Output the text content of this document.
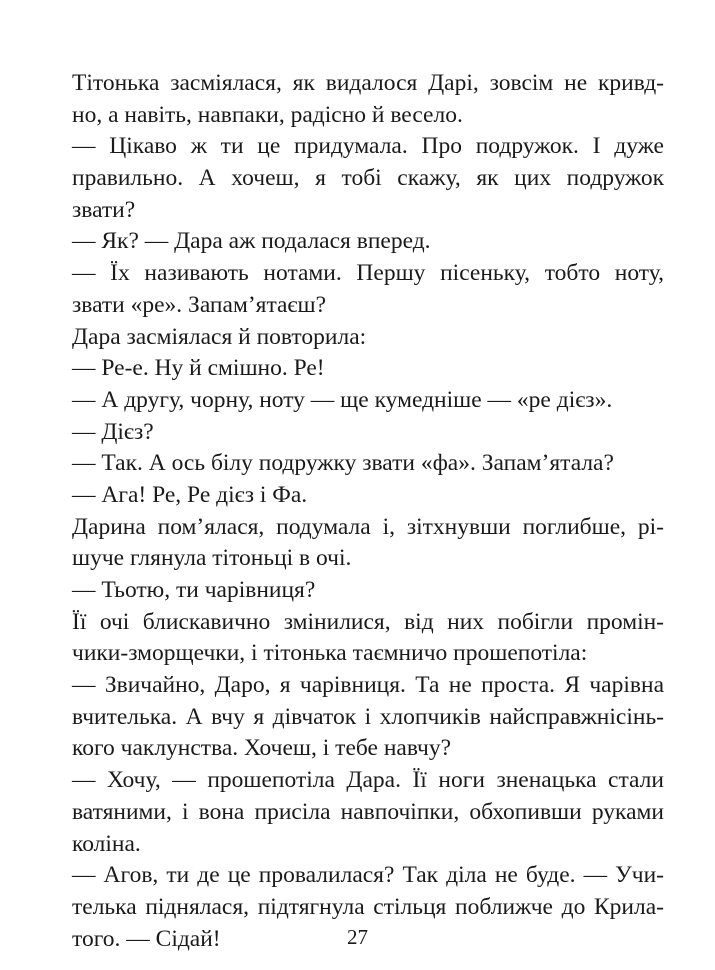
Тітонька засміялася, як видалося Дарі, зовсім не кривд-
но, а навіть, навпаки, радісно й весело.
— Цікаво ж ти це придумала. Про подружок. І дуже
правильно. А хочеш, я тобі скажу, як цих подружок
звати?
— Як? — Дара аж подалася вперед.
— Їх називають нотами. Першу пісеньку, тобто ноту,
звати «ре». Запам’ятаєш?
Дара засміялася й повторила:
— Ре-е. Ну й смішно. Ре!
— А другу, чорну, ноту — ще кумедніше — «ре дієз».
— Дієз?
— Так. А ось білу подружку звати «фа». Запам’ятала?
— Ага! Ре, Ре дієз і Фа.
Дарина пом’ялася, подумала і, зітхнувши поглибше, рі-
шуче глянула тітоньці в очі.
— Тьотю, ти чарівниця?
Її очі блискавично змінилися, від них побігли промін-
чики-зморщечки, і тітонька таємничо прошепотіла:
— Звичайно, Даро, я чарівниця. Та не проста. Я чарівна
вчителька. А вчу я дівчаток і хлопчиків найсправжнісінь-
кого чаклунства. Хочеш, і тебе навчу?
— Хочу, — прошепотіла Дара. Її ноги зненацька стали
ватяними, і вона присіла навпочіпки, обхопивши руками
коліна.
— Агов, ти де це провалилася? Так діла не буде. — Учи-
телька піднялася, підтягнула стільця поближче до Крила-
того. — Сідай!	27
